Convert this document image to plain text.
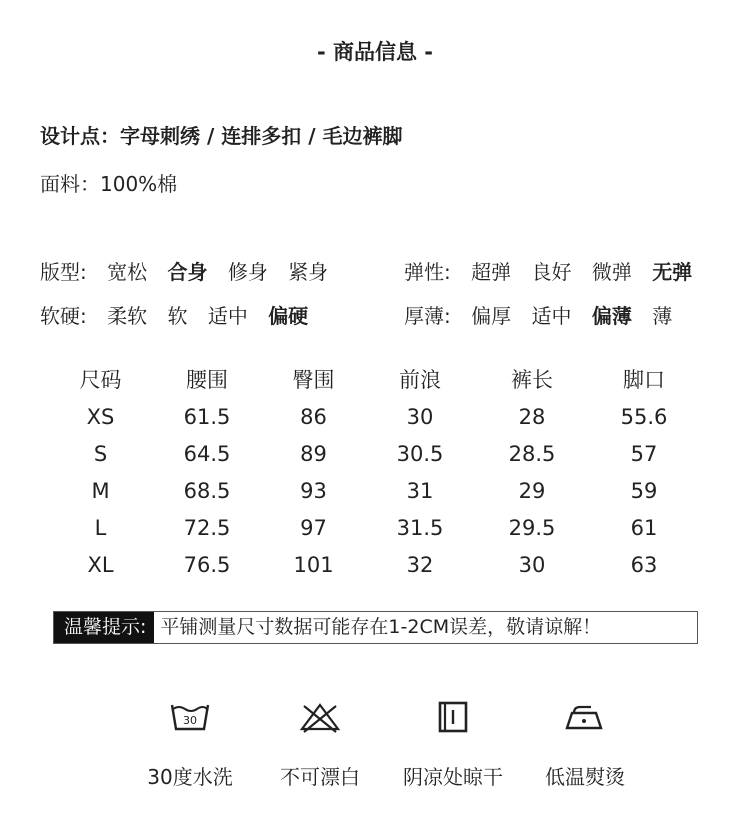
- 商品信息 -
设计点：字母刺绣 / 连排多扣 / 毛边裤脚
面料：100%棉
版型: 宽松 合身 修身 紧身	弹性: 超弹 良好 微弹 无弹
软硬: 柔软 软 适中 偏硬	厚薄: 偏厚 适中 偏薄 薄
尺码	腰围	臀围	前浪	裤长	脚口
XS	61.5	86	30	28	55.6
S	64.5	89	30.5	28.5	57
M	68.5	93	31	29	59
L	72.5	97	31.5	29.5	61
XL	76.5	101	32	30	63
温馨提示: 平铺测量尺寸数据可能存在1-2CM误差，敬请谅解！
30
30度水洗	不可漂白	阴凉处晾干	低温熨烫
